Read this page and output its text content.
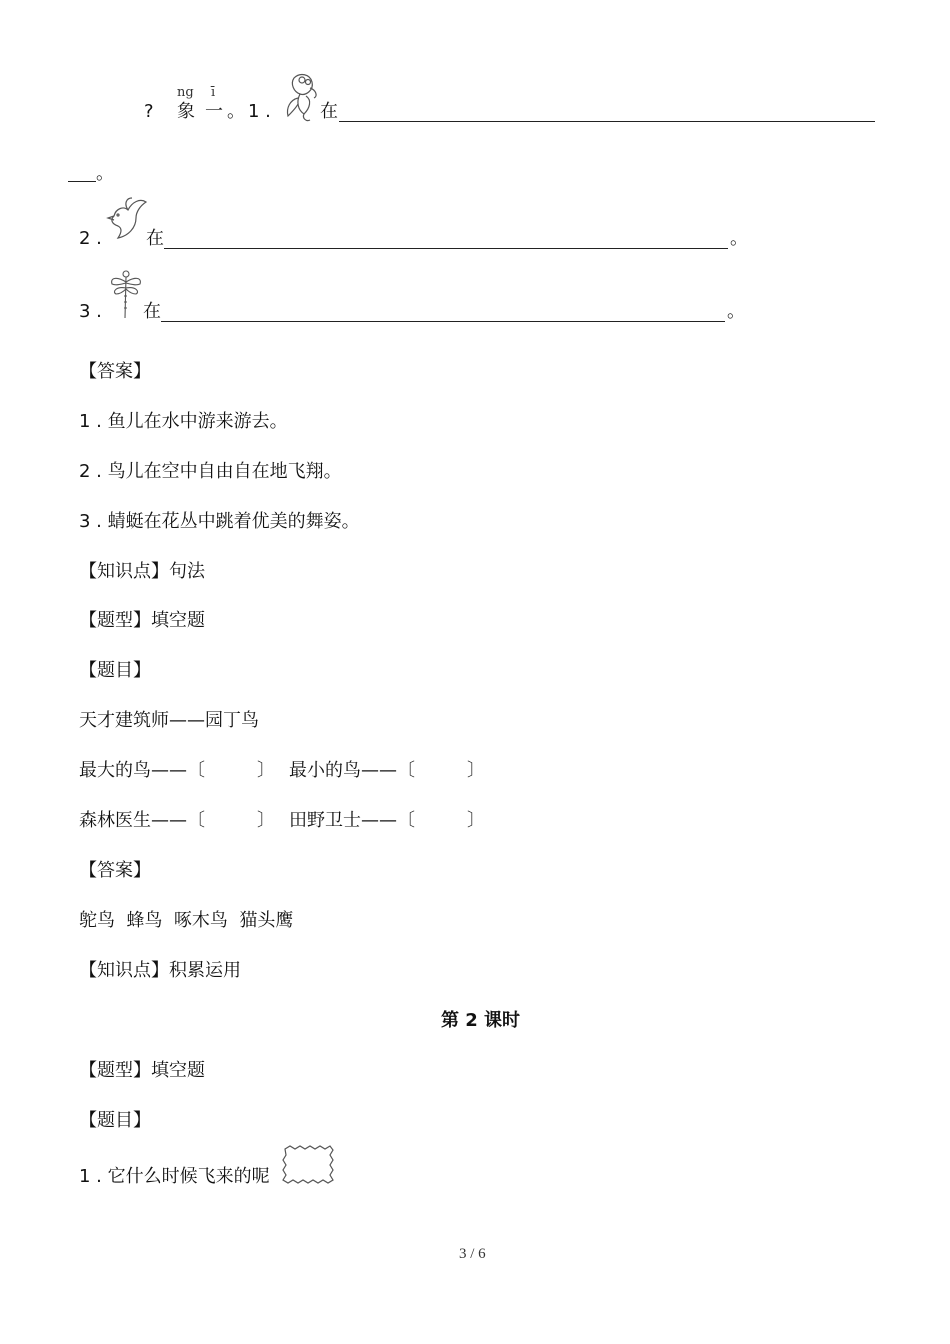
?
ng
象
ī
一 。 1 .	在
。
2 . 在	。
3 . 在	。
【答案】
1 . 鱼儿在水中游来游去。
2 . 鸟儿在空中自由自在地飞翔。
3 . 蜻蜓在花丛中跳着优美的舞姿。
【知识点】句法
【题型】填空题
【题目】
天才建筑师——园丁鸟
最大的鸟——〔	〕 最小的鸟——〔	〕
森林医生——〔	〕 田野卫士——〔	〕
【答案】
鸵鸟  蜂鸟  啄木鸟  猫头鹰
【知识点】积累运用
第 2 课时
【题型】填空题
【题目】
1 . 它什么时候飞来的呢
3 / 6
